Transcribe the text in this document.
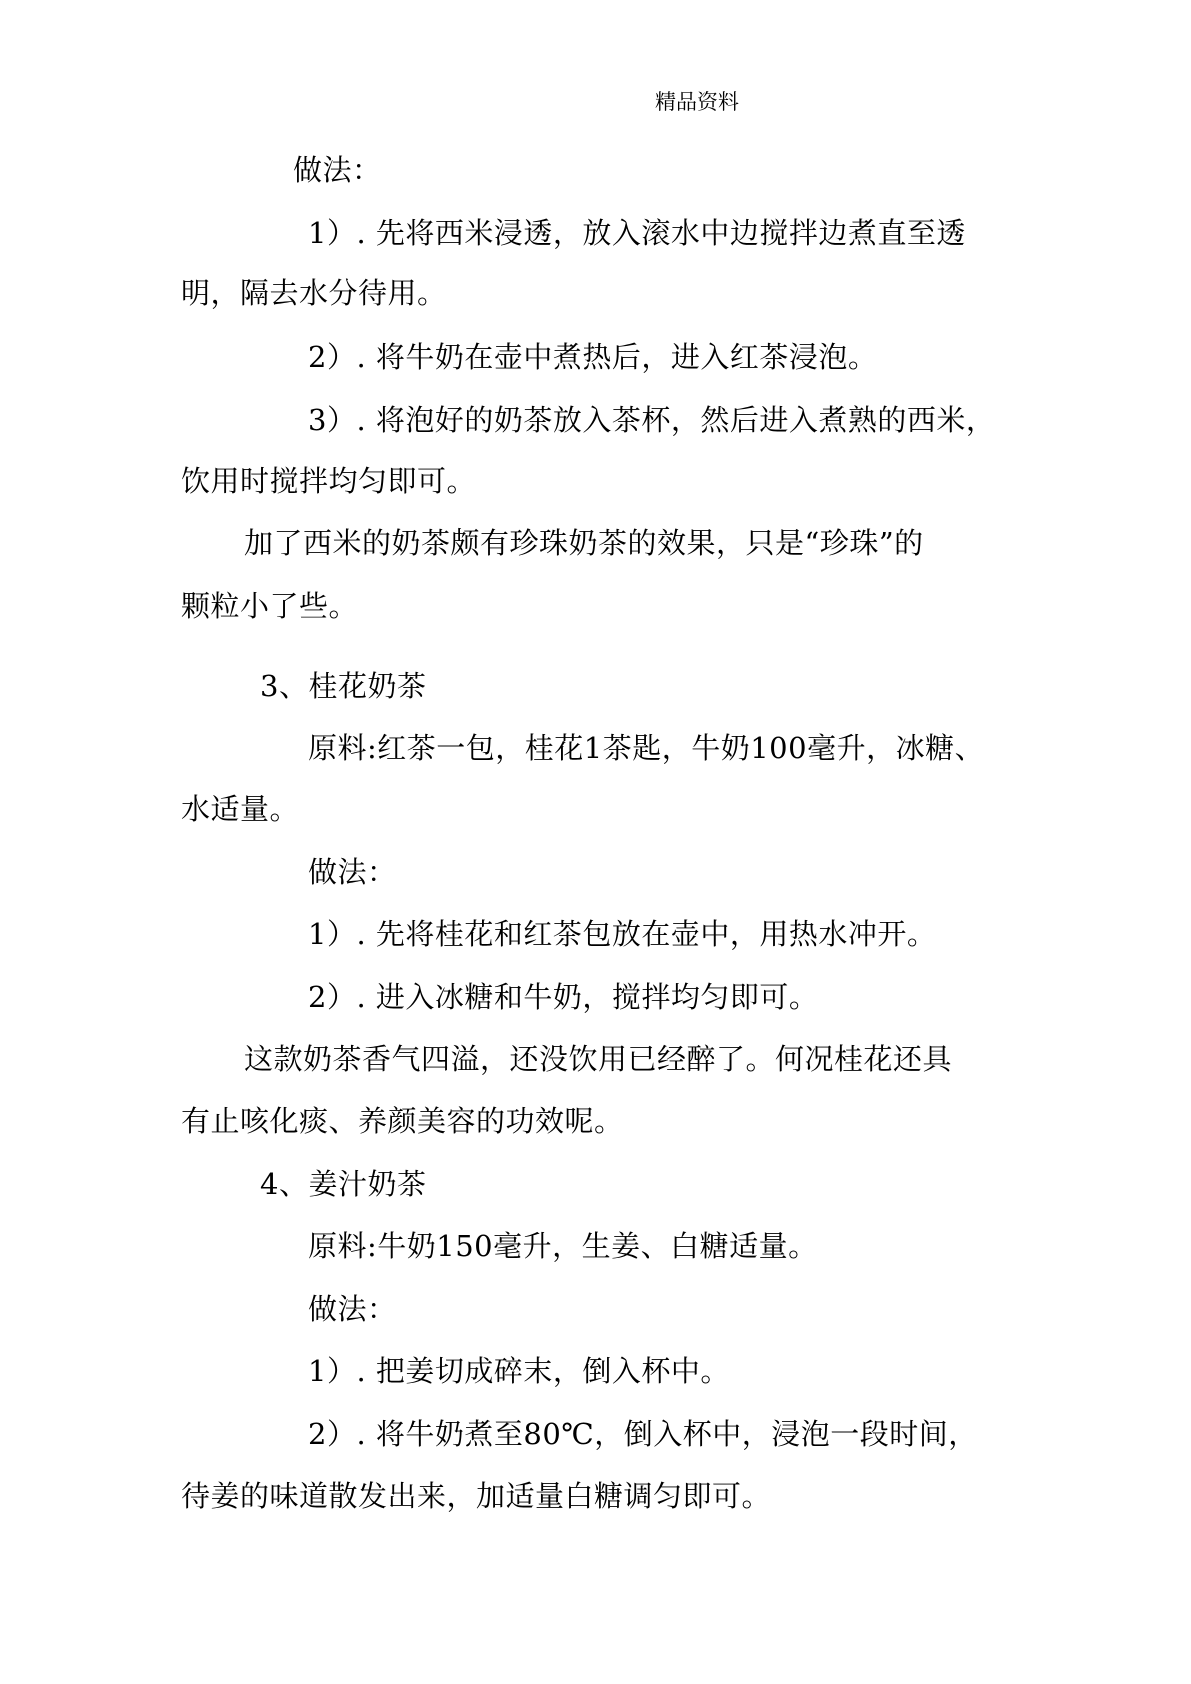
精品资料
做法：
1）. 先将西米浸透，放入滚水中边搅拌边煮直至透
明，隔去水分待用。
2）. 将牛奶在壶中煮热后，进入红茶浸泡。
3）. 将泡好的奶茶放入茶杯，然后进入煮熟的西米，
饮用时搅拌均匀即可。
加了西米的奶茶颇有珍珠奶茶的效果，只是“珍珠”的
颗粒小了些。
3、桂花奶茶
原料:红茶一包，桂花1茶匙，牛奶100毫升，冰糖、
水适量。
做法：
1）. 先将桂花和红茶包放在壶中，用热水冲开。
2）. 进入冰糖和牛奶，搅拌均匀即可。
这款奶茶香气四溢，还没饮用已经醉了。何况桂花还具
有止咳化痰、养颜美容的功效呢。
4、姜汁奶茶
原料:牛奶150毫升，生姜、白糖适量。
做法：
1）. 把姜切成碎末，倒入杯中。
2）. 将牛奶煮至80℃，倒入杯中，浸泡一段时间，
待姜的味道散发出来，加适量白糖调匀即可。
